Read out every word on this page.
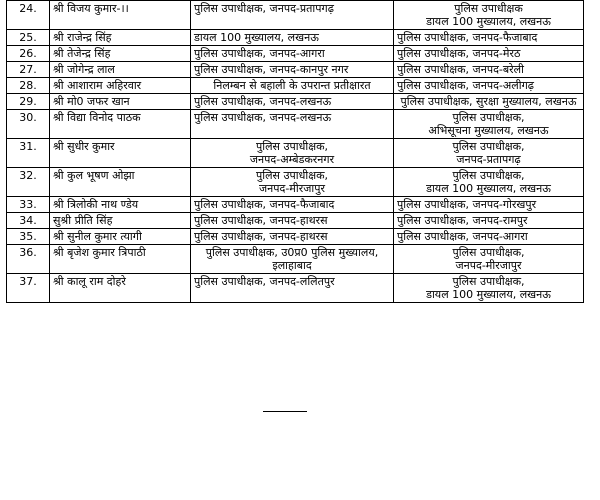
24.	श्री विजय कुमार-।।	पुलिस उपाधीक्षक, जनपद-प्रतापगढ़	पुलिस उपाधीक्षक
डायल 100 मुख्यालय, लखनऊ
25.	श्री राजेन्द्र सिंह	डायल 100 मुख्यालय, लखनऊ	पुलिस उपाधीक्षक, जनपद-फैजाबाद
26.	श्री तेजेन्द्र सिंह	पुलिस उपाधीक्षक, जनपद-आगरा	पुलिस उपाधीक्षक, जनपद-मेरठ
27.	श्री जोगेन्द्र लाल	पुलिस उपाधीक्षक, जनपद-कानपुर नगर	पुलिस उपाधीक्षक, जनपद-बरेली
28.	श्री आशाराम अहिरवार	निलम्बन से बहाली के उपरान्त प्रतीक्षारत	पुलिस उपाधीक्षक, जनपद-अलीगढ़
29.	श्री मो0 जफर खान	पुलिस उपाधीक्षक, जनपद-लखनऊ	पुलिस उपाधीक्षक, सुरक्षा मुख्यालय, लखनऊ
30.	श्री विद्या विनोद पाठक	पुलिस उपाधीक्षक, जनपद-लखनऊ	पुलिस उपाधीक्षक,
अभिसूचना मुख्यालय, लखनऊ
31.	श्री सुधीर कुमार	पुलिस उपाधीक्षक,
जनपद-अम्बेडकरनगर	पुलिस उपाधीक्षक,
जनपद-प्रतापगढ़
32.	श्री कुल भूषण ओझा	पुलिस उपाधीक्षक,
जनपद-मीरजापुर	पुलिस उपाधीक्षक,
डायल 100 मुख्यालय, लखनऊ
33.	श्री त्रिलोकी नाथ ण्डेय	पुलिस उपाधीक्षक, जनपद-फैजाबाद	पुलिस उपाधीक्षक, जनपद-गोरखपुर
34.	सुश्री प्रीति सिंह	पुलिस उपाधीक्षक, जनपद-हाथरस	पुलिस उपाधीक्षक, जनपद-रामपुर
35.	श्री सुनील कुमार त्यागी	पुलिस उपाधीक्षक, जनपद-हाथरस	पुलिस उपाधीक्षक, जनपद-आगरा
36.	श्री बृजेश कुमार त्रिपाठी	पुलिस उपाधीक्षक, उ0प्र0 पुलिस मुख्यालय, इलाहाबाद	पुलिस उपाधीक्षक,
जनपद-मीरजापुर
37.	श्री कालू राम दोहरे	पुलिस उपाधीक्षक, जनपद-ललितपुर	पुलिस उपाधीक्षक,
डायल 100 मुख्यालय, लखनऊ
